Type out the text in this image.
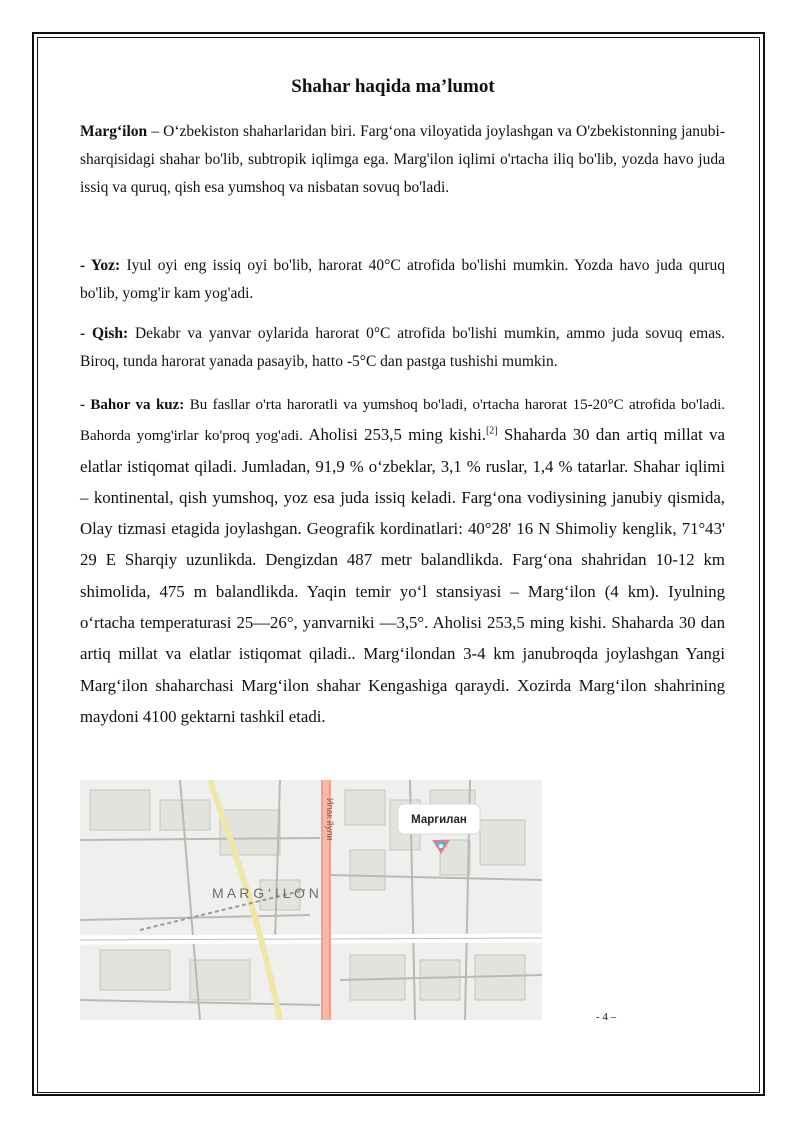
Shahar haqida ma’lumot
Marg‘ilon – O‘zbekiston shaharlaridan biri. Farg‘ona viloyatida joylashgan va O'zbekistonning janubi-sharqisidagi shahar bo'lib, subtropik iqlimga ega. Marg'ilon iqlimi o'rtacha iliq bo'lib, yozda havo juda issiq va quruq, qish esa yumshoq va nisbatan sovuq bo'ladi.
- Yoz: Iyul oyi eng issiq oyi bo'lib, harorat 40°C atrofida bo'lishi mumkin. Yozda havo juda quruq bo'lib, yomg'ir kam yog'adi.
- Qish: Dekabr va yanvar oylarida harorat 0°C atrofida bo'lishi mumkin, ammo juda sovuq emas. Biroq, tunda harorat yanada pasayib, hatto -5°C dan pastga tushishi mumkin.
- Bahor va kuz: Bu fasllar o'rta haroratli va yumshoq bo'ladi, o'rtacha harorat 15-20°C atrofida bo'ladi. Bahorda yomg'irlar ko'proq yog'adi. Aholisi 253,5 ming kishi.[2] Shaharda 30 dan artiq millat va elatlar istiqomat qiladi. Jumladan, 91,9 % o‘zbeklar, 3,1 % ruslar, 1,4 % tatarlar. Shahar iqlimi – kontinental, qish yumshoq, yoz esa juda issiq keladi. Farg‘ona vodiysining janubiy qismida, Olay tizmasi etagida joylashgan. Geografik kordinatlari: 40°28' 16 N Shimoliy kenglik, 71°43' 29 E Sharqiy uzunlikda. Dengizdan 487 metr balandlikda. Farg‘ona shahridan 10-12 km shimolida, 475 m balandlikda. Yaqin temir yo‘l stansiyasi – Marg‘ilon (4 km). Iyulning o‘rtacha temperaturasi 25—26°, yanvarniki —3,5°. Aholisi 253,5 ming kishi. Shaharda 30 dan artiq millat va elatlar istiqomat qiladi.. Marg‘ilondan 3-4 km janubroqda joylashgan Yangi Marg‘ilon shaharchasi Marg‘ilon shahar Kengashiga qaraydi. Xozirda Marg‘ilon shahrining maydoni 4100 gektarni tashkil etadi.
Ипак йули
M A R G ‘ I L O N
Маргилан
- 4 –
